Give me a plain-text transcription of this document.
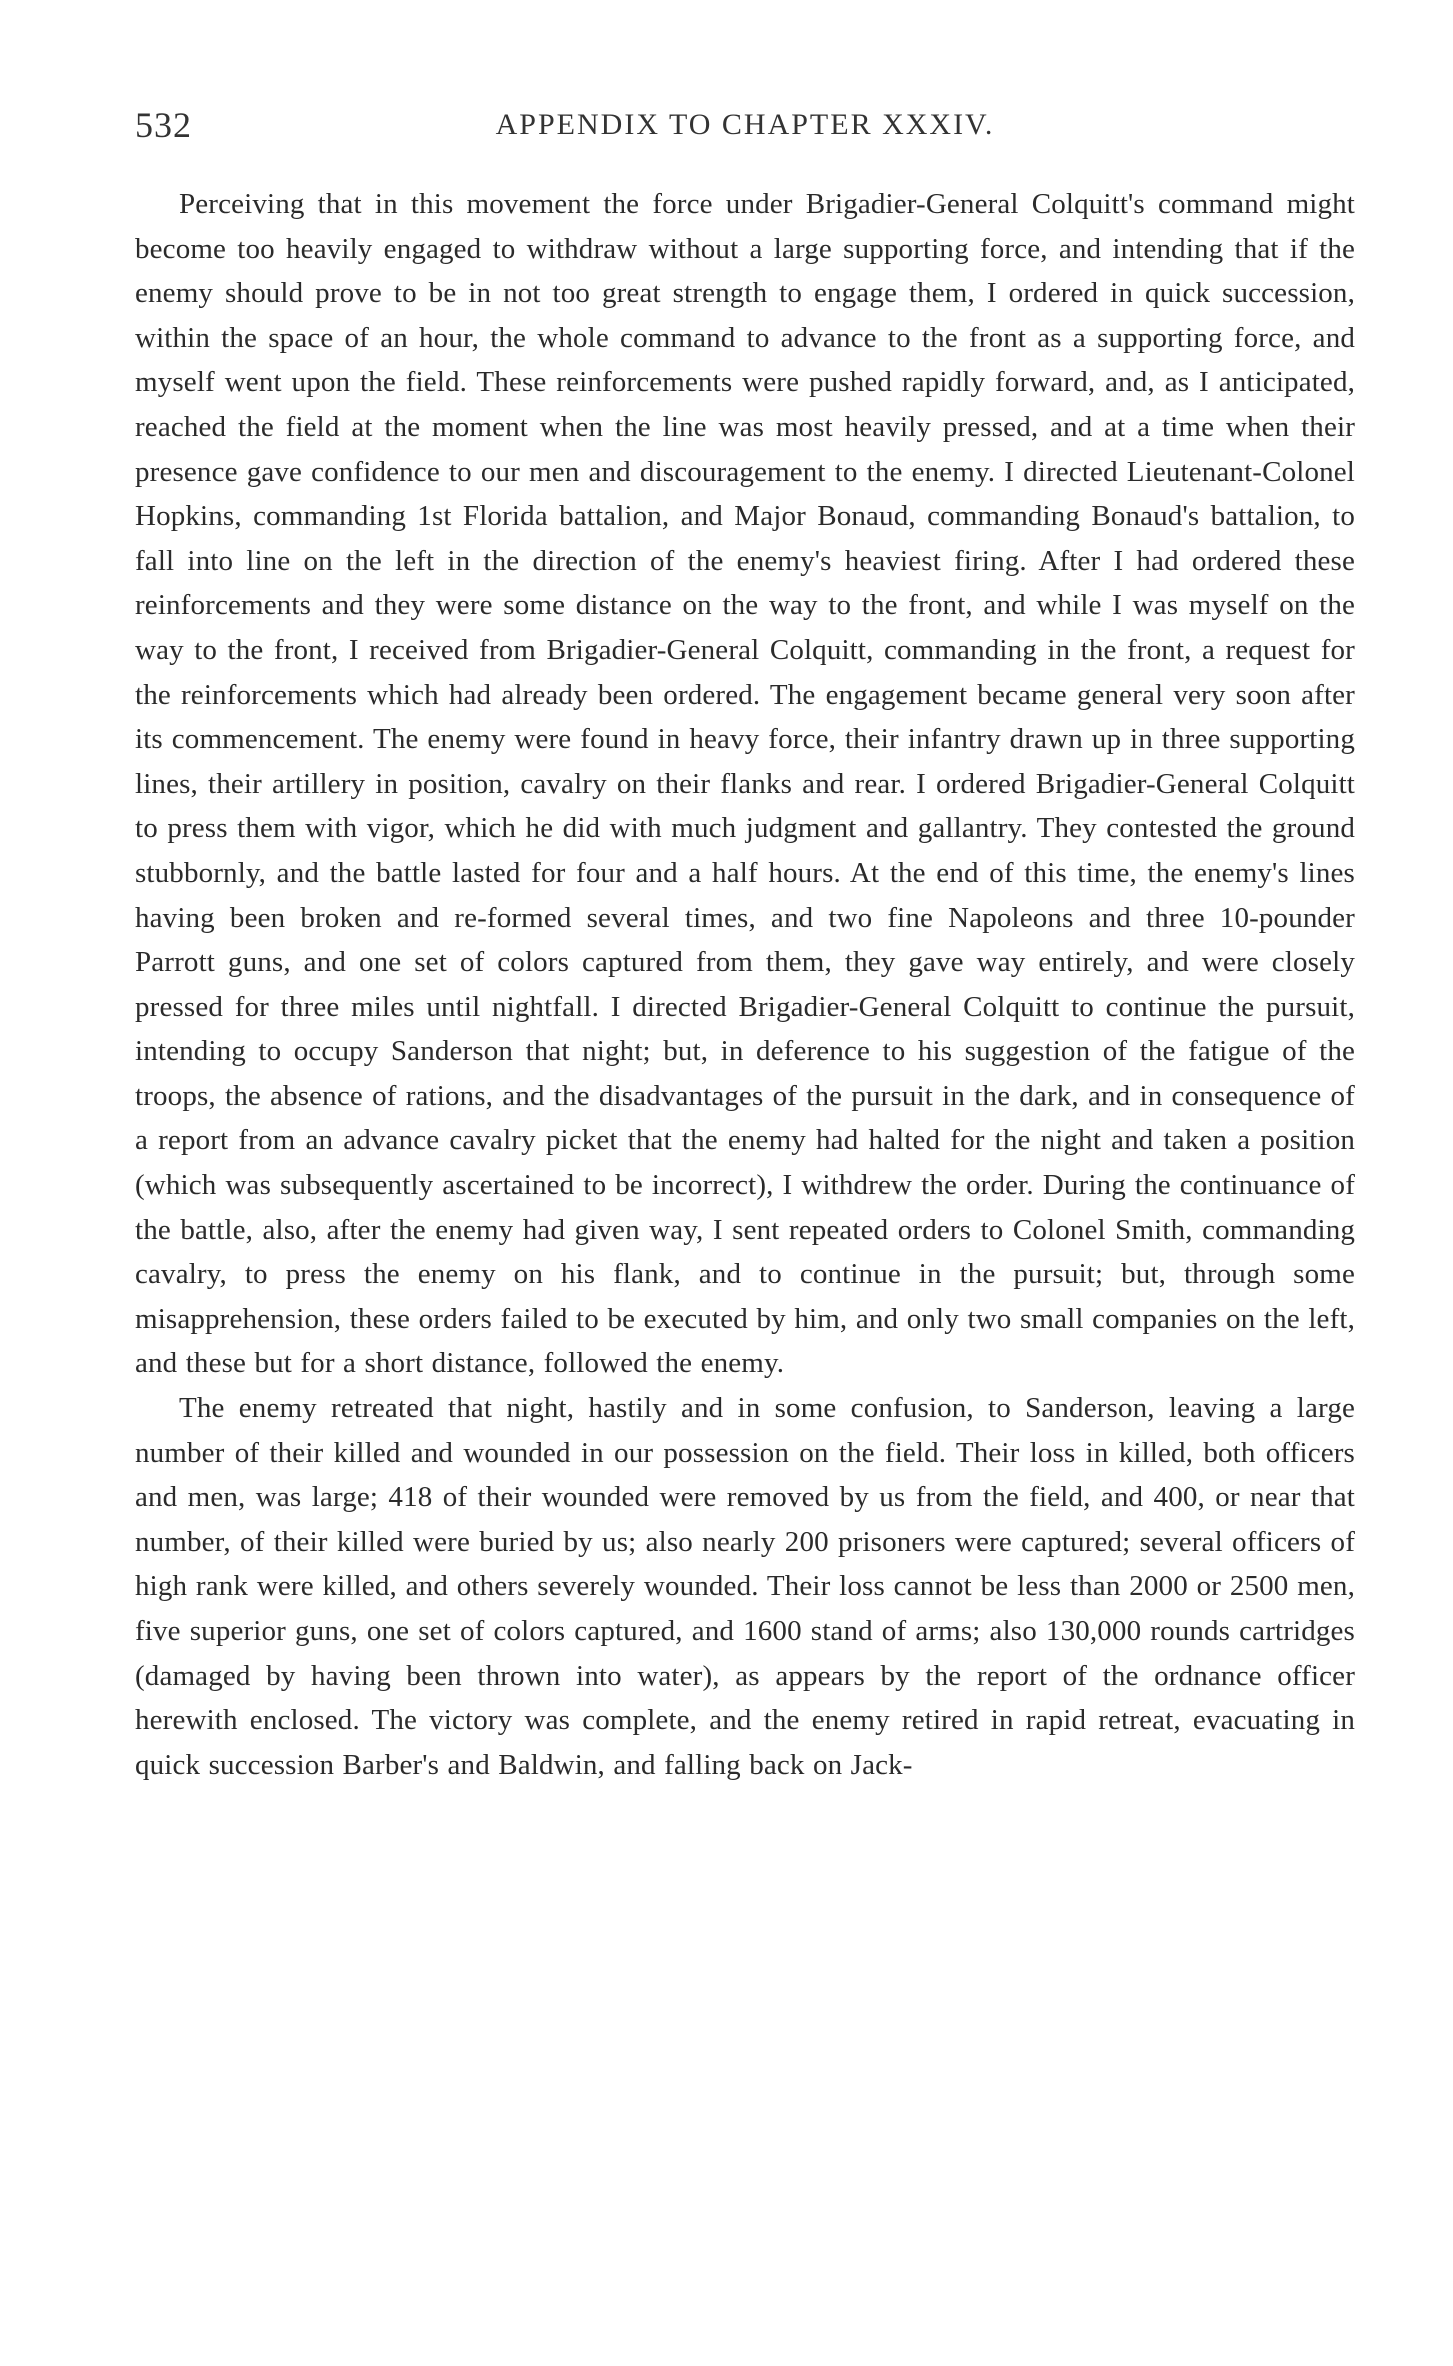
532	APPENDIX TO CHAPTER XXXIV.

Perceiving that in this movement the force under Brigadier-General Colquitt's command might become too heavily engaged to withdraw without a large supporting force, and intending that if the enemy should prove to be in not too great strength to engage them, I ordered in quick succession, within the space of an hour, the whole command to advance to the front as a supporting force, and myself went upon the field. These reinforcements were pushed rapidly forward, and, as I anticipated, reached the field at the moment when the line was most heavily pressed, and at a time when their presence gave confidence to our men and discouragement to the enemy. I directed Lieutenant-Colonel Hopkins, commanding 1st Florida battalion, and Major Bonaud, commanding Bonaud's battalion, to fall into line on the left in the direction of the enemy's heaviest firing. After I had ordered these reinforcements and they were some distance on the way to the front, and while I was myself on the way to the front, I received from Brigadier-General Colquitt, commanding in the front, a request for the reinforcements which had already been ordered. The engagement became general very soon after its commencement. The enemy were found in heavy force, their infantry drawn up in three supporting lines, their artillery in position, cavalry on their flanks and rear. I ordered Brigadier-General Colquitt to press them with vigor, which he did with much judgment and gallantry. They contested the ground stubbornly, and the battle lasted for four and a half hours. At the end of this time, the enemy's lines having been broken and re-formed several times, and two fine Napoleons and three 10-pounder Parrott guns, and one set of colors captured from them, they gave way entirely, and were closely pressed for three miles until nightfall. I directed Brigadier-General Colquitt to continue the pursuit, intending to occupy Sanderson that night; but, in deference to his suggestion of the fatigue of the troops, the absence of rations, and the disadvantages of the pursuit in the dark, and in consequence of a report from an advance cavalry picket that the enemy had halted for the night and taken a position (which was subsequently ascertained to be incorrect), I withdrew the order. During the continuance of the battle, also, after the enemy had given way, I sent repeated orders to Colonel Smith, commanding cavalry, to press the enemy on his flank, and to continue in the pursuit; but, through some misapprehension, these orders failed to be executed by him, and only two small companies on the left, and these but for a short distance, followed the enemy.

The enemy retreated that night, hastily and in some confusion, to Sanderson, leaving a large number of their killed and wounded in our possession on the field. Their loss in killed, both officers and men, was large; 418 of their wounded were removed by us from the field, and 400, or near that number, of their killed were buried by us; also nearly 200 prisoners were captured; several officers of high rank were killed, and others severely wounded. Their loss cannot be less than 2000 or 2500 men, five superior guns, one set of colors captured, and 1600 stand of arms; also 130,000 rounds cartridges (damaged by having been thrown into water), as appears by the report of the ordnance officer herewith enclosed. The victory was complete, and the enemy retired in rapid retreat, evacuating in quick succession Barber's and Baldwin, and falling back on Jack-
